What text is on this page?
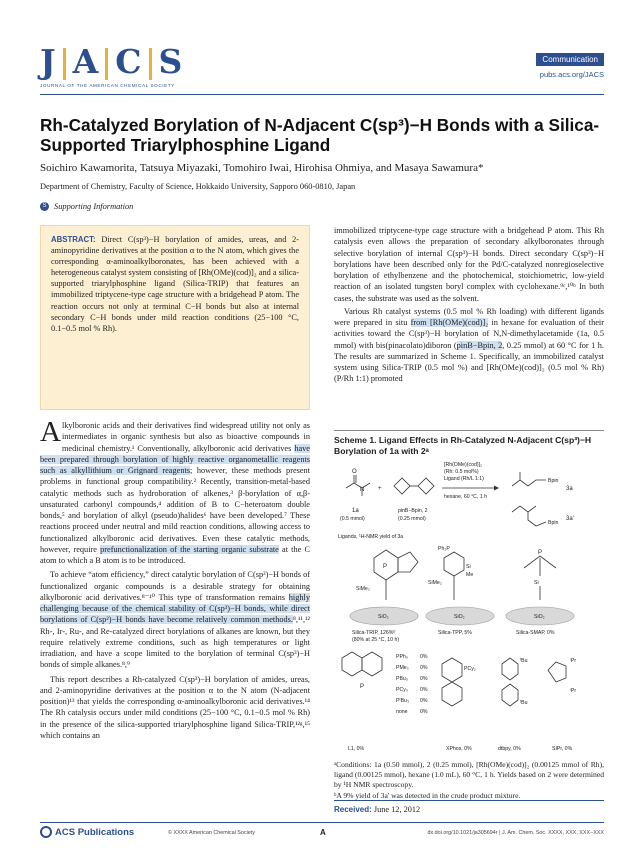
J A C S
JOURNAL OF THE AMERICAN CHEMICAL SOCIETY
Communication
pubs.acs.org/JACS
Rh-Catalyzed Borylation of N-Adjacent C(sp³)−H Bonds with a Silica-Supported Triarylphosphine Ligand
Soichiro Kawamorita, Tatsuya Miyazaki, Tomohiro Iwai, Hirohisa Ohmiya, and Masaya Sawamura*
Department of Chemistry, Faculty of Science, Hokkaido University, Sapporo 060-0810, Japan
S Supporting Information
ABSTRACT: Direct C(sp³)−H borylation of amides, ureas, and 2-aminopyridine derivatives at the position α to the N atom, which gives the corresponding α-aminoalkylboronates, has been achieved with a heterogeneous catalyst system consisting of [Rh(OMe)(cod)]₂ and a silica-supported triarylphosphine ligand (Silica-TRIP) that features an immobilized triptycene-type cage structure with a bridgehead P atom. The reaction occurs not only at terminal C−H bonds but also at internal secondary C−H bonds under mild reaction conditions (25−100 °C, 0.1−0.5 mol % Rh).

Alkylboronic acids and their derivatives find widespread utility not only as intermediates in organic synthesis but also as bioactive compounds in medicinal chemistry.¹ Conventionally, alkylboronic acid derivatives have been prepared through borylation of highly reactive organometallic reagents such as alkyllithium or Grignard reagents; however, these methods present problems in functional group compatibility.² Recently, transition-metal-based catalytic methods such as hydroboration of alkenes,³ β-borylation of α,β-unsaturated carbonyl compounds,⁴ addition of B to C−heteroatom double bonds,⁵ and borylation of alkyl (pseudo)halides⁶ have been developed.⁷ These reactions proceed under neutral and mild reaction conditions, allowing access to functionalized alkylboronic acid derivatives. Even these catalytic methods, however, require prefunctionalization of the starting organic substrate at the C atom to which a B atom is to be introduced.

To achieve “atom efficiency,” direct catalytic borylation of C(sp³)−H bonds of functionalized organic compounds is a desirable strategy for obtaining alkylboronic acid derivatives.⁸⁻¹⁰ This type of transformation remains highly challenging because of the chemical stability of C(sp³)−H bonds, while direct borylations of C(sp²)−H bonds have become relatively common methods.⁸,¹¹,¹² Rh-, Ir-, Ru-, and Re-catalyzed direct borylations of alkanes are known, but they require relatively extreme conditions, such as high temperatures or light irradiation, and have a scope limited to the borylation of terminal C(sp³)−H bonds of simple alkanes.⁸,⁹

This report describes a Rh-catalyzed C(sp³)−H borylation of amides, ureas, and 2-aminopyridine derivatives at the position α to the N atom (N-adjacent position)¹³ that yields the corresponding α-aminoalkylboronic acid derivatives.¹⁴ The Rh catalysis occurs under mild conditions (25−100 °C, 0.1−0.5 mol % Rh) in the presence of the silica-supported triarylphosphine ligand Silica-TRIP,¹²ᵍ,¹⁵ which contains an

immobilized triptycene-type cage structure with a bridgehead P atom. This Rh catalysis even allows the preparation of secondary alkylboronates through selective borylation of internal C(sp³)−H bonds. Direct secondary C(sp³)−H borylations have been described only for the Pd/C-catalyzed nonregioselective borylation of ethylbenzene and the photochemical, stoichiometric, low-yield reaction of an isolated tungsten boryl complex with cyclohexane.⁹ᶜ,¹⁰ᵇ In both cases, the substrate was used as the solvent.

Various Rh catalyst systems (0.5 mol % Rh loading) with different ligands were prepared in situ from [Rh(OMe)(cod)]₂ in hexane for evaluation of their activities toward the C(sp³)−H borylation of N,N-dimethylacetamide (1a, 0.5 mmol) with bis(pinacolato)diboron (pinB−Bpin, 2, 0.25 mmol) at 60 °C for 1 h. The results are summarized in Scheme 1. Specifically, an immobilized catalyst system using Silica-TRIP (0.5 mol %) and [Rh(OMe)(cod)]₂ (0.5 mol % Rh) (P/Rh 1:1) promoted

Scheme 1. Ligand Effects in Rh-Catalyzed N-Adjacent C(sp³)−H Borylation of 1a with 2ᵃ
O
N
1a
(0.5 mmol)
+
pinB−Bpin, 2
(0.25 mmol)
[Rh(OMe)(cod)]₂
(Rh: 0.5 mol%)
Ligand (Rh/L 1:1)
hexane, 60 °C, 1 h
Bpin
3a
Bpin
3a'
Ligands, ¹H-NMR yield of 3a
P
SiMe₂
SiO₂
Silica-TRIP, 126%ᵇ
(80% at 25 °C, 10 h)
Ph₂P
Si
Me
SiMe₂
SiO₂
Silica-TPP, 5%
P
Si
SiO₂
Silica-SMAP, 0%
P
L1, 0%
PPh₃ 0%
PMe₃ 0%
PBu₃ 0%
PCy₃ 0%
PᵗBu₃ 0%
none 0%
PCy₂
XPhos, 0%
ᵗBu
ᵗBu
dtbpy, 0%
ⁱPr
ⁱPr
SIPr, 0%
ᵃConditions: 1a (0.50 mmol), 2 (0.25 mmol), [Rh(OMe)(cod)]₂ (0.00125 mmol of Rh), ligand (0.00125 mmol), hexane (1.0 mL), 60 °C, 1 h. Yields based on 2 were determined by ¹H NMR spectroscopy.
ᵇA 9% yield of 3a' was detected in the crude product mixture.
Received: June 12, 2012
ACS Publications	© XXXX American Chemical Society	A	dx.doi.org/10.1021/ja305694r | J. Am. Chem. Soc. XXXX, XXX, XXX−XXX
